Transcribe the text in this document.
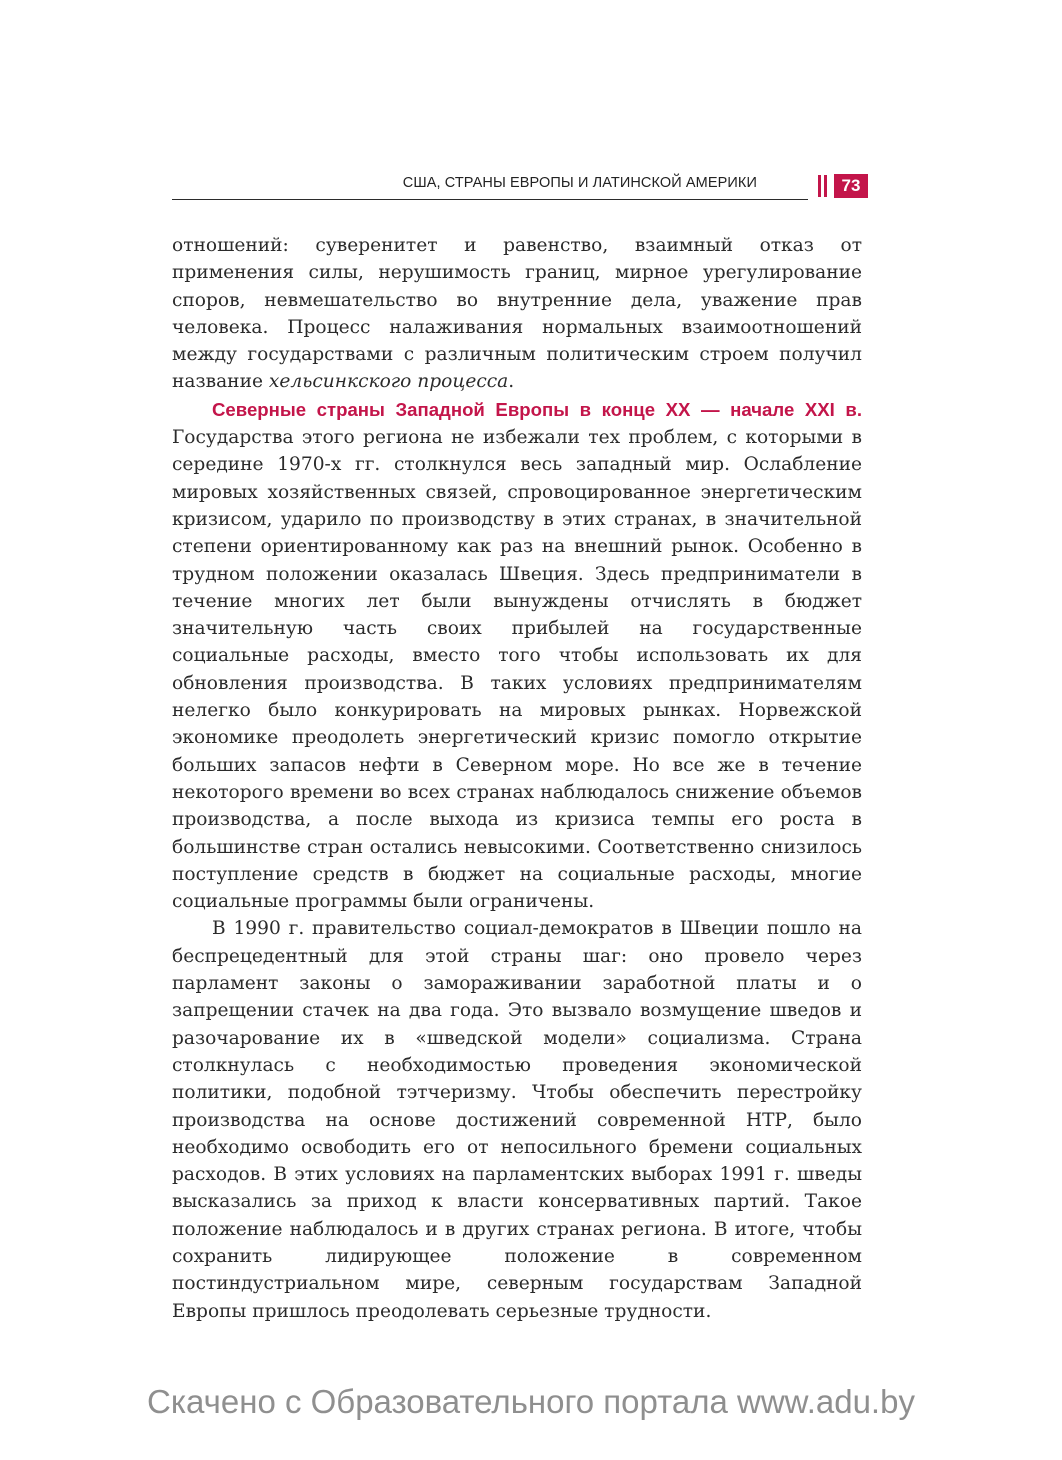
США, СТРАНЫ ЕВРОПЫ И ЛАТИНСКОЙ АМЕРИКИ	73

отношений: суверенитет и равенство, взаимный отказ от применения силы, нерушимость границ, мирное урегулирование споров, невмешательство во внутренние дела, уважение прав человека. Процесс налаживания нормальных взаимоотношений между государствами с различным политическим строем получил название хельсинкского процесса.

Северные страны Западной Европы в конце XX — начале XXI в. Государства этого региона не избежали тех проблем, с которыми в середине 1970-х гг. столкнулся весь западный мир. Ослабление мировых хозяйственных связей, спровоцированное энергетическим кризисом, ударило по производству в этих странах, в значительной степени ориентированному как раз на внешний рынок. Особенно в трудном положении оказалась Швеция. Здесь предприниматели в течение многих лет были вынуждены отчислять в бюджет значительную часть своих прибылей на государственные социальные расходы, вместо того чтобы использовать их для обновления производства. В таких условиях предпринимателям нелегко было конкурировать на мировых рынках. Норвежской экономике преодолеть энергетический кризис помогло открытие больших запасов нефти в Северном море. Но все же в течение некоторого времени во всех странах наблюдалось снижение объемов производства, а после выхода из кризиса темпы его роста в большинстве стран остались невысокими. Соответственно снизилось поступление средств в бюджет на социальные расходы, многие социальные программы были ограничены.

В 1990 г. правительство социал-демократов в Швеции пошло на беспрецедентный для этой страны шаг: оно провело через парламент законы о замораживании заработной платы и о запрещении стачек на два года. Это вызвало возмущение шведов и разочарование их в «шведской модели» социализма. Страна столкнулась с необходимостью проведения экономической политики, подобной тэтчеризму. Чтобы обеспечить перестройку производства на основе достижений современной НТР, было необходимо освободить его от непосильного бремени социальных расходов. В этих условиях на парламентских выборах 1991 г. шведы высказались за приход к власти консервативных партий. Такое положение наблюдалось и в других странах региона. В итоге, чтобы сохранить лидирующее положение в современном постиндустриальном мире, северным государствам Западной Европы пришлось преодолевать серьезные трудности.

Скачено с Образовательного портала www.adu.by
